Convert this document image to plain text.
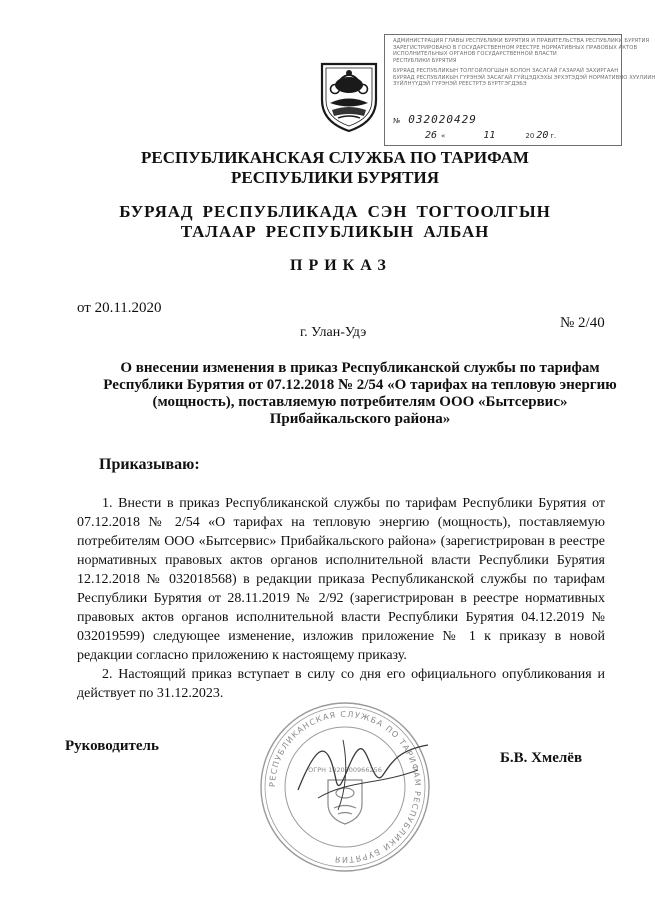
АДМИНИСТРАЦИЯ ГЛАВЫ РЕСПУБЛИКИ БУРЯТИЯ И ПРАВИТЕЛЬСТВА РЕСПУБЛИКИ БУРЯТИЯ
ЗАРЕГИСТРИРОВАНО В ГОСУДАРСТВЕННОМ РЕЕСТРЕ НОРМАТИВНЫХ ПРАВОВЫХ АКТОВ
ИСПОЛНИТЕЛЬНЫХ ОРГАНОВ ГОСУДАРСТВЕННОЙ ВЛАСТИ
РЕСПУБЛИКИ БУРЯТИЯ
БУРЯАД РЕСПУБЛИКЫН ТОЛГОЙЛОГШЫН БОЛОН ЗАСАГАЙ ГАЗАРАЙ ЗАХИРГААН
БУРЯАД РЕСПУБЛИКЫН ГҮРЭНЭЙ ЗАСАГАЙ ГҮЙЦЭДХЭХЫ ЭРХЭТЭДЭЙ НОРМАТИВНО ХУУЛИИН
ЗҮЙЛНҮҮДЭЙ ГҮРЭНЭЙ РЕЕСТРТЭ БҮРТГЭГДЭБЭ
№ 032020429
26 «	11	20 20 г.
РЕСПУБЛИКАНСКАЯ СЛУЖБА ПО ТАРИФАМ РЕСПУБЛИКИ БУРЯТИЯ
БУРЯАД РЕСПУБЛИКАДА СЭН ТОГТООЛГЫН ТАЛААР РЕСПУБЛИКЫН АЛБАН
ПРИКАЗ
от 20.11.2020
№ 2/40
г. Улан-Удэ
О внесении изменения в приказ Республиканской службы по тарифам Республики Бурятия от 07.12.2018 № 2/54 «О тарифах на тепловую энергию (мощность), поставляемую потребителям ООО «Бытсервис» Прибайкальского района»
Приказываю:

1. Внести в приказ Республиканской службы по тарифам Республики Бурятия от 07.12.2018 № 2/54 «О тарифах на тепловую энергию (мощность), поставляемую потребителям ООО «Бытсервис» Прибайкальского района» (зарегистрирован в реестре нормативных правовых актов органов исполнительной власти Республики Бурятия 12.12.2018 № 032018568) в редакции приказа Республиканской службы по тарифам Республики Бурятия от 28.11.2019 № 2/92 (зарегистрирован в реестре нормативных правовых актов органов исполнительной власти Республики Бурятия 04.12.2019 № 032019599) следующее изменение, изложив приложение № 1 к приказу в новой редакции согласно приложению к настоящему приказу.

2. Настоящий приказ вступает в силу со дня его официального опубликования и действует по 31.12.2023.

РЕСПУБЛИКАНСКАЯ СЛУЖБА ПО ТАРИФАМ РЕСПУБЛИКИ БУРЯТИЯ
ОГРН 1020300966256
Руководитель
Б.В. Хмелёв
